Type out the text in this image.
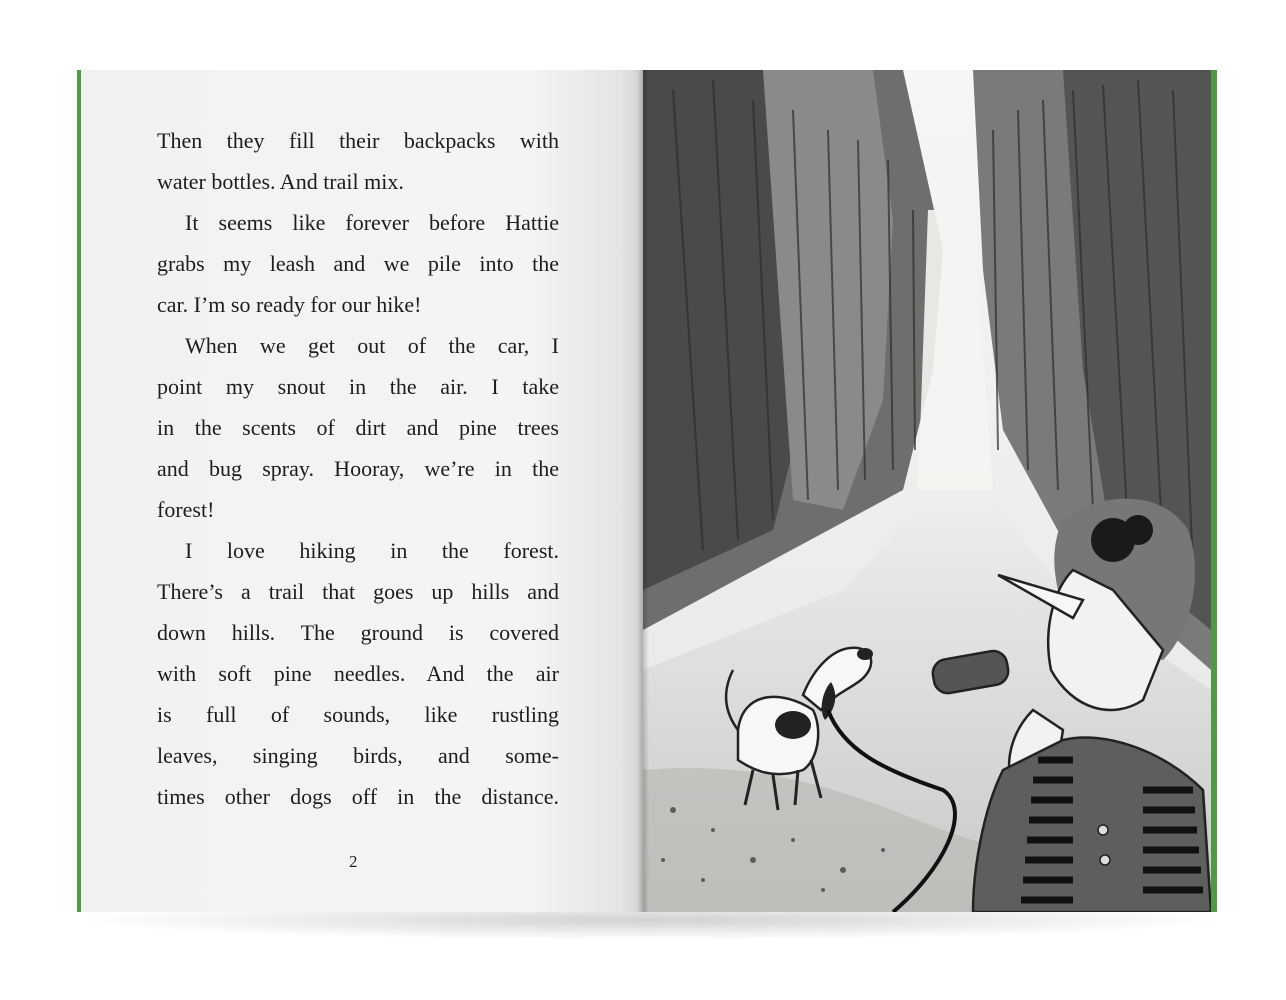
Then they fill their backpacks with
water bottles. And trail mix.

It seems like forever before Hattie
grabs my leash and we pile into the
car. I’m so ready for our hike!

When we get out of the car, I
point my snout in the air. I take
in the scents of dirt and pine trees
and bug spray. Hooray, we’re in the
forest!

I love hiking in the forest.
There’s a trail that goes up hills and
down hills. The ground is covered
with soft pine needles. And the air
is full of sounds, like rustling
leaves, singing birds, and some-
times other dogs off in the distance.

2
